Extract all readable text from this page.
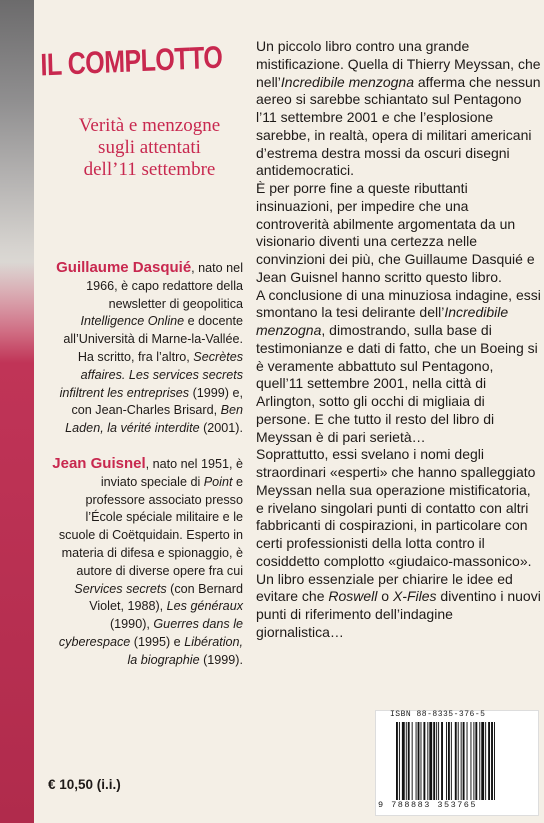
IL COMPLOTTO
Verità e menzogne
sugli attentati
dell’11 settembre
Guillaume Dasquié, nato nel 1966, è capo redattore della newsletter di geopolitica Intelligence Online e docente all’Università di Marne-la-Vallée. Ha scritto, fra l’altro, Secrètes affaires. Les services secrets infiltrent les entreprises (1999) e, con Jean-Charles Brisard, Ben Laden, la vérité interdite (2001).
Jean Guisnel, nato nel 1951, è inviato speciale di Point e professore associato presso l’École spéciale militaire e le scuole di Coëtquidain. Esperto in materia di difesa e spionaggio, è autore di diverse opere fra cui Services secrets (con Bernard Violet, 1988), Les généraux (1990), Guerres dans le cyberespace (1995) e Libération, la biographie (1999).
€ 10,50 (i.i.)

Un piccolo libro contro una grande mistificazione. Quella di Thierry Meyssan, che nell’Incredibile menzogna afferma che nessun aereo si sarebbe schiantato sul Pentagono l’11 settembre 2001 e che l’esplosione sarebbe, in realtà, opera di militari americani d’estrema destra mossi da oscuri disegni antidemocratici.

È per porre fine a queste ributtanti insinuazioni, per impedire che una controverità abilmente argomentata da un visionario diventi una certezza nelle convinzioni dei più, che Guillaume Dasquié e Jean Guisnel hanno scritto questo libro.

A conclusione di una minuziosa indagine, essi smontano la tesi delirante dell’Incredibile menzogna, dimostrando, sulla base di testimonianze e dati di fatto, che un Boeing si è veramente abbattuto sul Pentagono, quell’11 settembre 2001, nella città di Arlington, sotto gli occhi di migliaia di persone. E che tutto il resto del libro di Meyssan è di pari serietà…

Soprattutto, essi svelano i nomi degli straordinari «esperti» che hanno spalleggiato Meyssan nella sua operazione mistificatoria, e rivelano singolari punti di contatto con altri fabbricanti di cospirazioni, in particolare con certi professionisti della lotta contro il cosiddetto complotto «giudaico-massonico».

Un libro essenziale per chiarire le idee ed evitare che Roswell o X-Files diventino i nuovi punti di riferimento dell’indagine giornalistica…

ISBN 88-8335-376-5
9 788883 353765
